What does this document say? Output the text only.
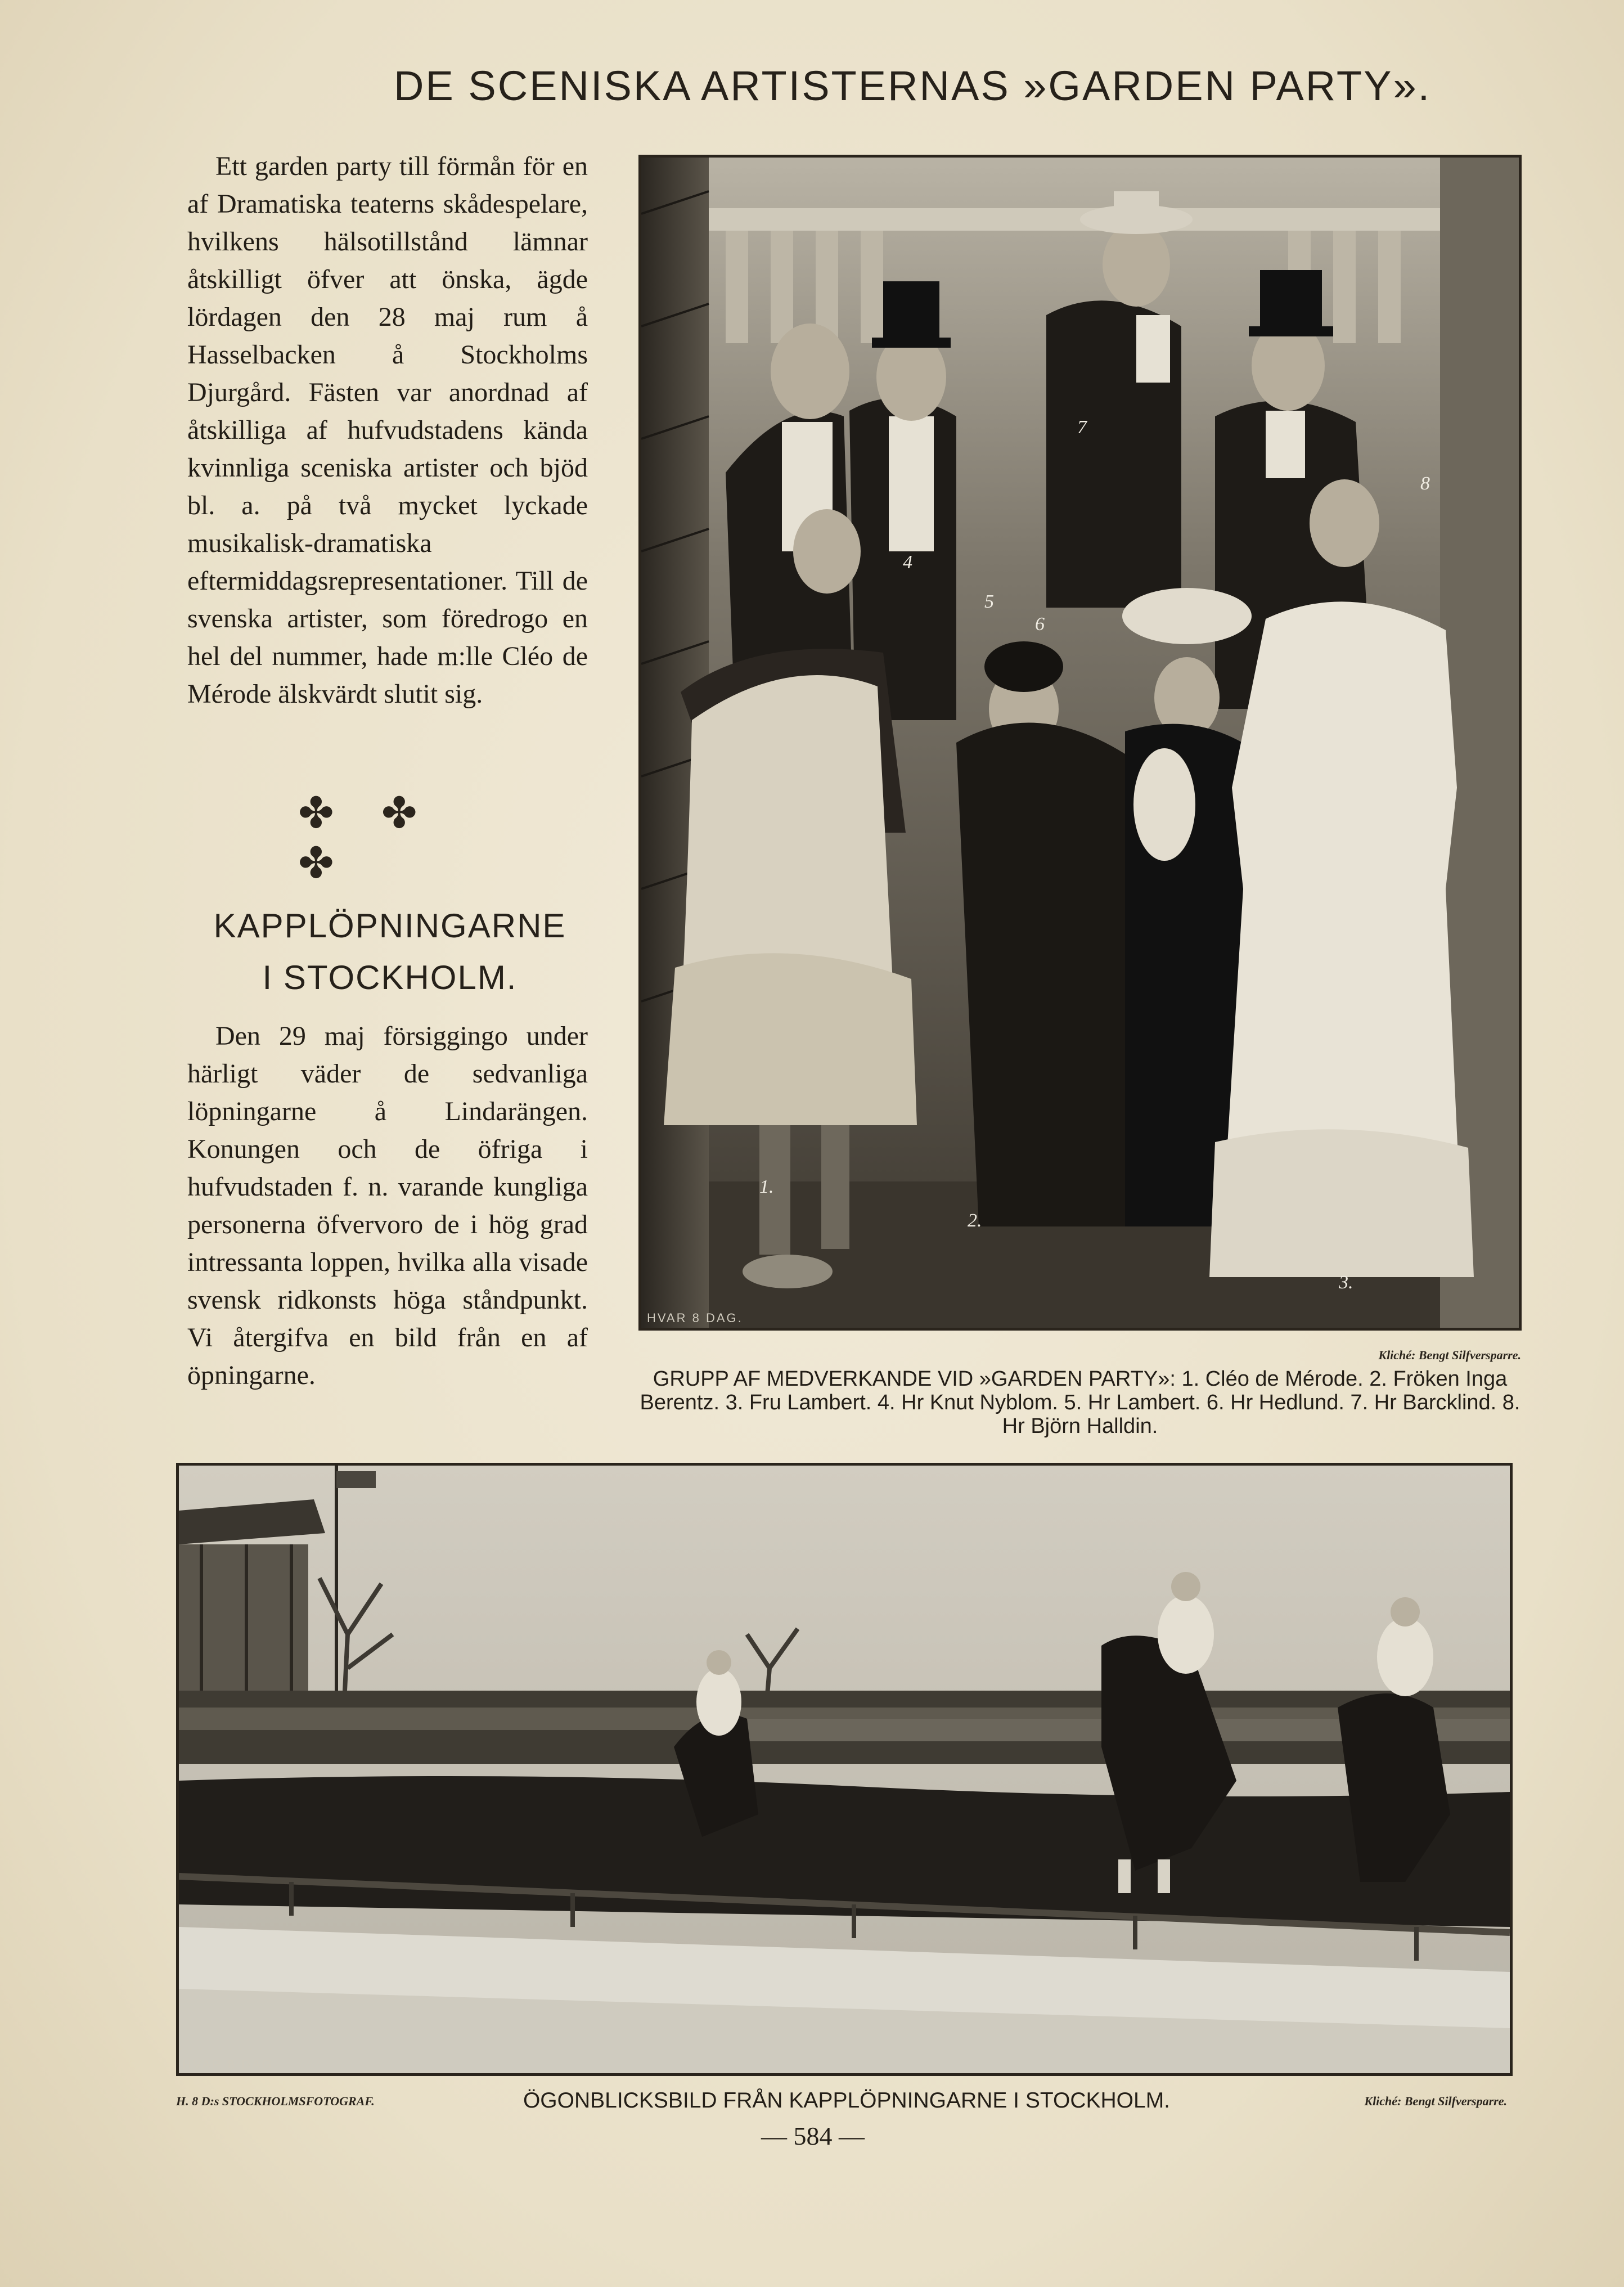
DE SCENISKA ARTISTERNAS »GARDEN PARTY».

Ett garden party till förmån för en af Dramatiska teaterns skådespelare, hvilkens hälsotillstånd lämnar åtskilligt öfver att önska, ägde lördagen den 28 maj rum å Hasselbacken å Stockholms Djurgård. Fästen var anordnad af åtskilliga af hufvudstadens kända kvinnliga sceniska artister och bjöd bl. a. på två mycket lyckade musikalisk-dramatiska eftermiddagsrepresentationer. Till de svenska artister, som föredrogo en hel del nummer, hade m:lle Cléo de Mérode älskvärdt slutit sig.

✤ ✤ ✤
KAPPLÖPNINGARNE
I STOCKHOLM.

Den 29 maj försiggingo under härligt väder de sedvanliga löpningarne å Lindarängen. Konungen och de öfriga i hufvudstaden f. n. varande kungliga personerna öfvervoro de i hög grad intressanta loppen, hvilka alla visade svensk ridkonsts höga ståndpunkt. Vi återgifva en bild från en af öpningarne.

1.
2.
3.
4
5
6
7
8
HVAR 8 DAG.
Kliché: Bengt Silfversparre.
GRUPP AF MEDVERKANDE VID »GARDEN PARTY»: 1. Cléo de Mérode. 2. Fröken Inga Berentz. 3. Fru Lambert. 4. Hr Knut Nyblom. 5. Hr Lambert. 6. Hr Hedlund. 7. Hr Barcklind. 8. Hr Björn Halldin.
HVAR 8 DAG.
H. 8 D:s STOCKHOLMSFOTOGRAF.	ÖGONBLICKSBILD FRÅN KAPPLÖPNINGARNE I STOCKHOLM.	Kliché: Bengt Silfversparre.
— 584 —
